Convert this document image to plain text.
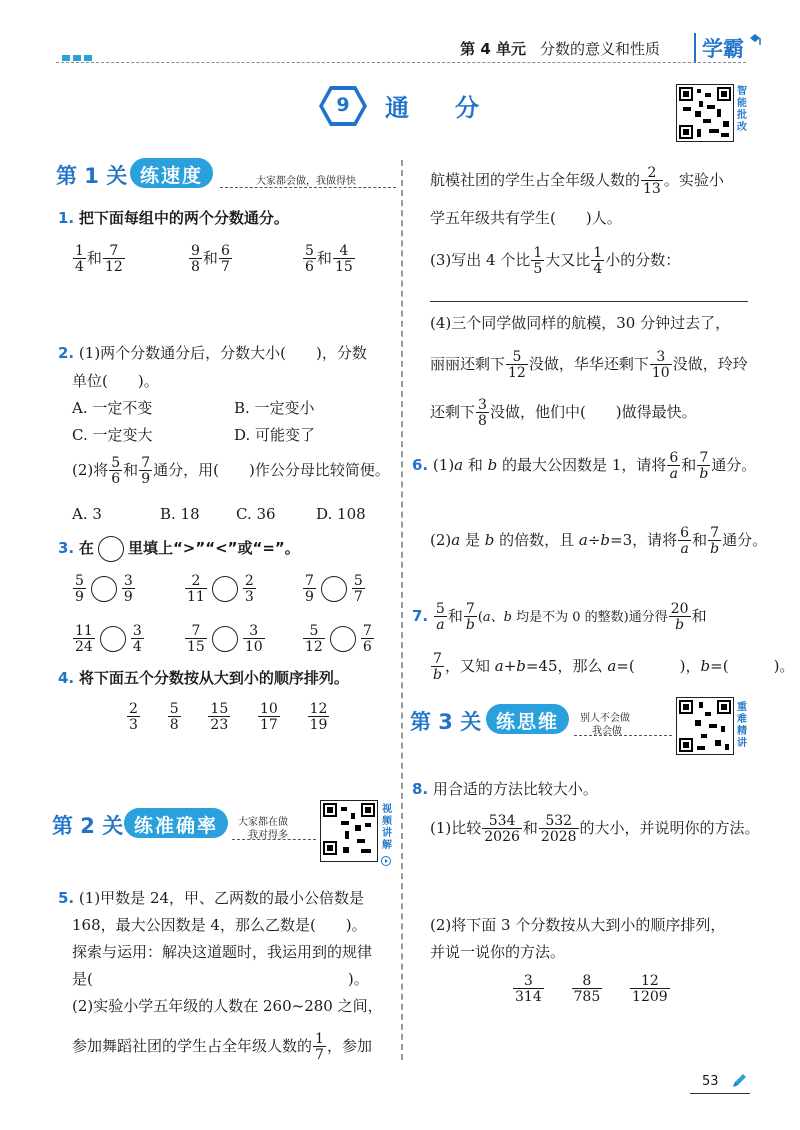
第 4 单元 分数的意义和性质	学霸
9	通分
智能批改
第 1 关 练速度	大家都会做，我做得快
1. 把下面每组中的两个分数通分。
$\frac{1}{4}$ 和 $\frac{7}{12}$	$\frac{9}{8}$ 和 $\frac{6}{7}$	$\frac{5}{6}$ 和 $\frac{4}{15}$
2. (1)两个分数通分后，分数大小(　　)，分数
单位(　　)。
A. 一定不变	B. 一定变小
C. 一定变大	D. 可能变了
(2)将 $\frac{5}{6}$ 和 $\frac{7}{9}$ 通分，用(　　)作公分母比较简便。
A. 3	B. 18 C. 36	D. 108
3. 在 里填上“>”“<”或“=”。
$\frac{5}{9}$	$\frac{3}{9}$	$\frac{2}{11}$	$\frac{2}{3}$	$\frac{7}{9}$	$\frac{5}{7}$
$\frac{11}{24}$	$\frac{3}{4}$	$\frac{7}{15}$	$\frac{3}{10}$	$\frac{5}{12}$	$\frac{7}{6}$
4. 将下面五个分数按从大到小的顺序排列。
$\frac{2}{3}$
$\frac{5}{8}$
$\frac{15}{23}$
$\frac{10}{17}$
$\frac{12}{19}$
第 2 关 练准确率	大家都在做
我对得多
视频讲解
5. (1)甲数是 24，甲、乙两数的最小公倍数是
168，最大公因数是 4，那么乙数是(　　)。
探索与运用：解决这道题时，我运用到的规律
是(　　　　　　　　　　　　　　　　　)。
(2)实验小学五年级的人数在 260~280 之间，
参加舞蹈社团的学生占全年级人数的 $\frac{1}{7}$ ，参加
航模社团的学生占全年级人数的 $\frac{2}{13}$ 。实验小
学五年级共有学生(　　)人。
(3)写出 4 个比 $\frac{1}{5}$ 大又比 $\frac{1}{4}$ 小的分数：
(4)三个同学做同样的航模，30 分钟过去了，
丽丽还剩下 $\frac{5}{12}$ 没做，华华还剩下 $\frac{3}{10}$ 没做，玲玲
还剩下 $\frac{3}{8}$ 没做，他们中(　　)做得最快。
6. (1)a 和 b 的最大公因数是 1，请将 $\frac{6}{a}$ 和 $\frac{7}{b}$ 通分。
(2)a 是 b 的倍数，且 a÷b=3，请将 $\frac{6}{a}$ 和 $\frac{7}{b}$ 通分。
7. $\frac{5}{a}$ 和 $\frac{7}{b} (a$、b 均是不为 0 的整数)通分得 $\frac{20}{b}$ 和
$\frac{7}{b}$ ，又知 a+b=45，那么 a=(　　　)，b=(　　　)。
第 3 关 练思维	别人不会做
我会做
重难精讲
8. 用合适的方法比较大小。
(1)比较 $\frac{534}{2026}$ 和 $\frac{532}{2028}$ 的大小，并说明你的方法。
(2)将下面 3 个分数按从大到小的顺序排列，
并说一说你的方法。
$\frac{3}{314}$
$\frac{8}{785}$
$\frac{12}{1209}$
53
